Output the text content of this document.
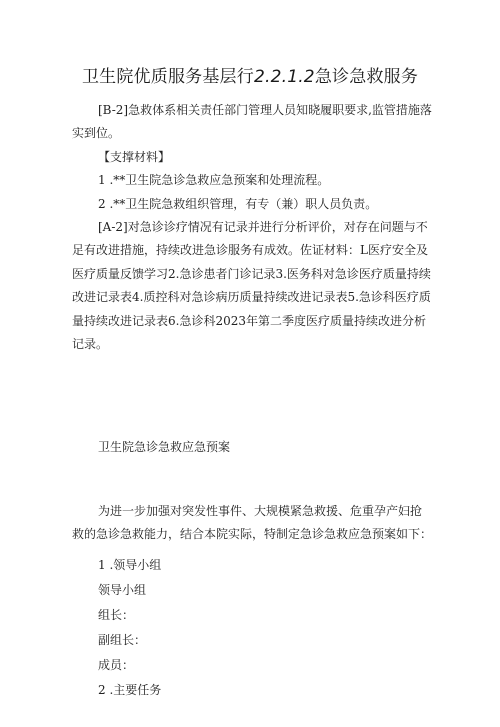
卫生院优质服务基层行2.2.1.2急诊急救服务

[B-2]急救体系相关责任部门管理人员知晓履职要求,监管措施落实到位。

【支撑材料】

1 .**卫生院急诊急救应急预案和处理流程。

2 .**卫生院急救组织管理，有专（兼）职人员负责。

[A-2]对急诊诊疗情况有记录并进行分析评价，对存在问题与不足有改进措施，持续改进急诊服务有成效。佐证材料：L医疗安全及医疗质量反馈学习2.急诊患者门诊记录3.医务科对急诊医疗质量持续改进记录表4.质控科对急诊病历质量持续改进记录表5.急诊科医疗质量持续改进记录表6.急诊科2023年第二季度医疗质量持续改进分析记录。

卫生院急诊急救应急预案

为进一步加强对突发性事件、大规模紧急救援、危重孕产妇抢救的急诊急救能力，结合本院实际，特制定急诊急救应急预案如下：

1 .领导小组
领导小组
组长：
副组长：
成员：
2 .主要任务
